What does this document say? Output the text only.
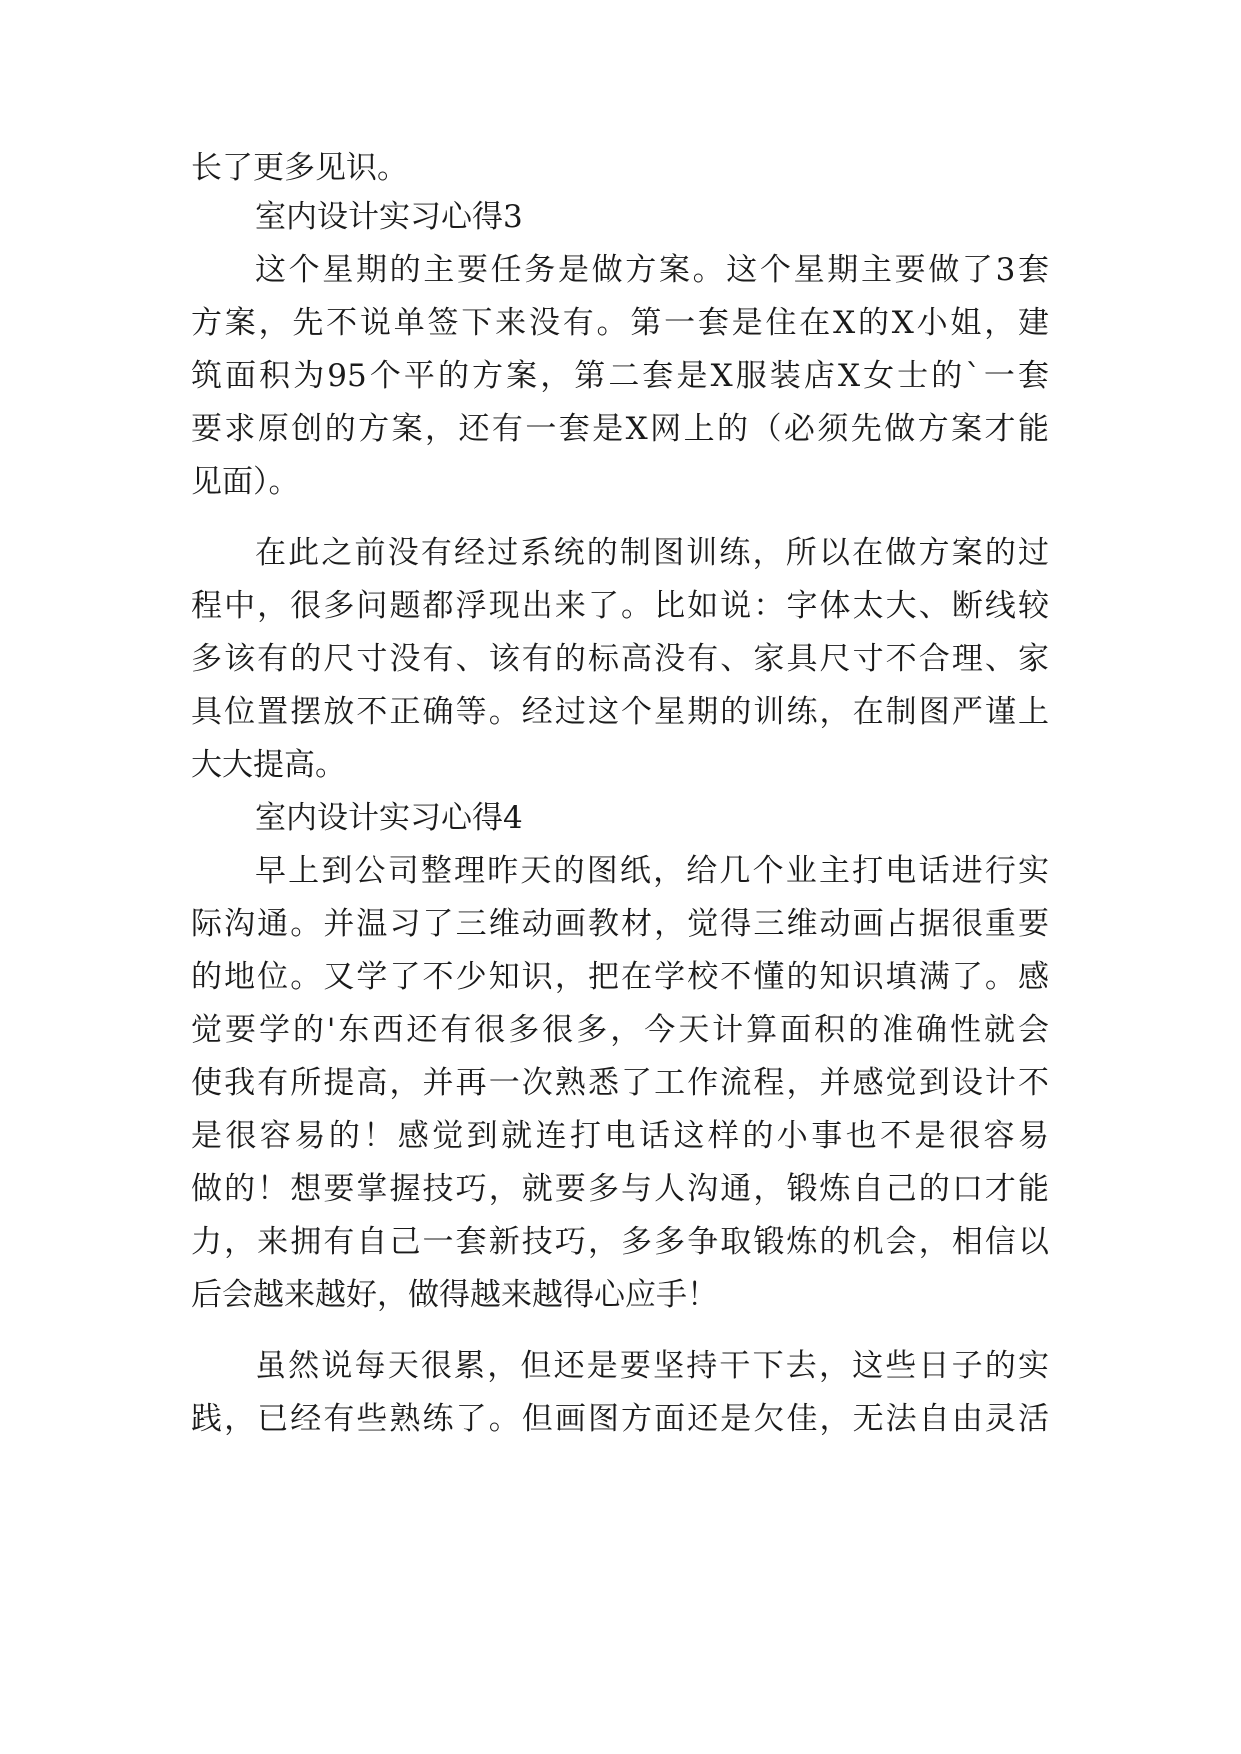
长了更多见识。
室内设计实习心得3
这个星期的主要任务是做方案。这个星期主要做了3套
方案，先不说单签下来没有。第一套是住在X的X小姐，建
筑面积为95个平的方案，第二套是X服装店X女士的`一套
要求原创的方案，还有一套是X网上的（必须先做方案才能
见面）。
在此之前没有经过系统的制图训练，所以在做方案的过
程中，很多问题都浮现出来了。比如说：字体太大、断线较
多该有的尺寸没有、该有的标高没有、家具尺寸不合理、家
具位置摆放不正确等。经过这个星期的训练，在制图严谨上
大大提高。
室内设计实习心得4
早上到公司整理昨天的图纸，给几个业主打电话进行实
际沟通。并温习了三维动画教材，觉得三维动画占据很重要
的地位。又学了不少知识，把在学校不懂的知识填满了。感
觉要学的'东西还有很多很多，今天计算面积的准确性就会
使我有所提高，并再一次熟悉了工作流程，并感觉到设计不
是很容易的！感觉到就连打电话这样的小事也不是很容易
做的！想要掌握技巧，就要多与人沟通，锻炼自己的口才能
力，来拥有自己一套新技巧，多多争取锻炼的机会，相信以
后会越来越好，做得越来越得心应手！
虽然说每天很累，但还是要坚持干下去，这些日子的实
践，已经有些熟练了。但画图方面还是欠佳，无法自由灵活
